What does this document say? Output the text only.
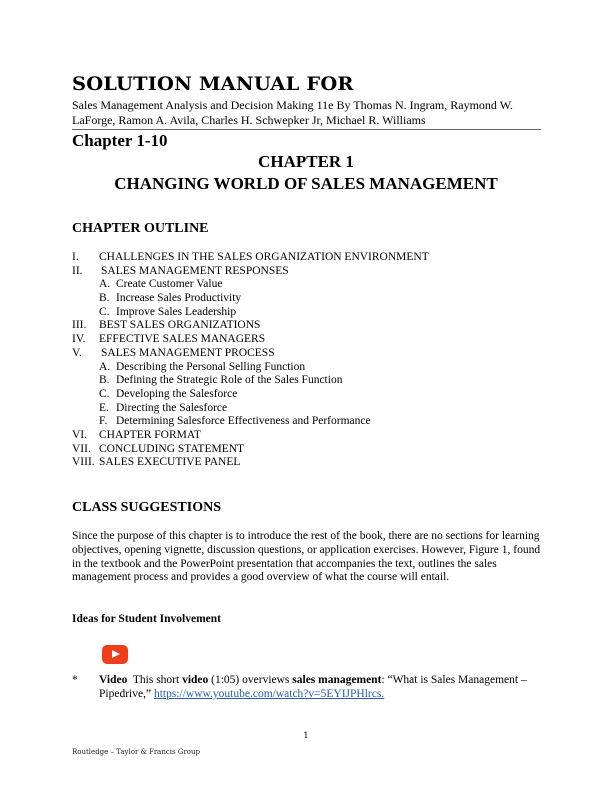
SOLUTION MANUAL FOR
Sales Management Analysis and Decision Making 11e By Thomas N. Ingram, Raymond W. LaForge, Ramon A. Avila, Charles H. Schwepker Jr, Michael R. Williams
Chapter 1-10
CHAPTER 1
CHANGING WORLD OF SALES MANAGEMENT
CHAPTER OUTLINE
I. CHALLENGES IN THE SALES ORGANIZATION ENVIRONMENT
II. SALES MANAGEMENT RESPONSES
A. Create Customer Value
B. Increase Sales Productivity
C. Improve Sales Leadership
III. BEST SALES ORGANIZATIONS
IV. EFFECTIVE SALES MANAGERS
V. SALES MANAGEMENT PROCESS
A. Describing the Personal Selling Function
B. Defining the Strategic Role of the Sales Function
C. Developing the Salesforce
E. Directing the Salesforce
F. Determining Salesforce Effectiveness and Performance
VI. CHAPTER FORMAT
VII. CONCLUDING STATEMENT
VIII. SALES EXECUTIVE PANEL
CLASS SUGGESTIONS
Since the purpose of this chapter is to introduce the rest of the book, there are no sections for learning objectives, opening vignette, discussion questions, or application exercises. However, Figure 1, found in the textbook and the PowerPoint presentation that accompanies the text, outlines the sales management process and provides a good overview of what the course will entail.
Ideas for Student Involvement
* Video  This short video (1:05) overviews sales management: “What is Sales Management – Pipedrive,” https://www.youtube.com/watch?v=5EYIJPHlrcs.
1
Routledge – Taylor & Francis Group
